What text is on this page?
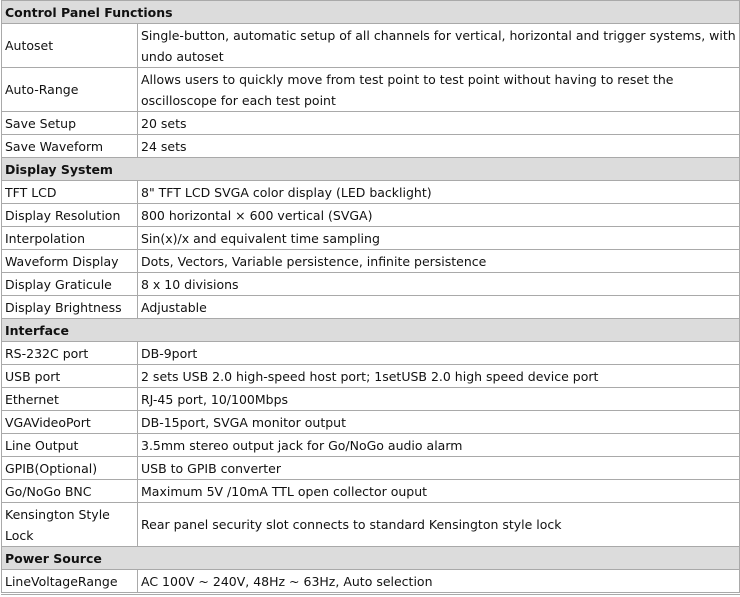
Control Panel Functions	
Autoset	Single-button, automatic setup of all channels for vertical, horizontal and trigger systems, with undo autoset
Auto-Range	Allows users to quickly move from test point to test point without having to reset the oscilloscope for each test point
Save Setup	20 sets
Save Waveform	24 sets
Display System	
TFT LCD	8" TFT LCD SVGA color display (LED backlight)
Display Resolution	800 horizontal × 600 vertical (SVGA)
Interpolation	Sin(x)/x and equivalent time sampling
Waveform Display	Dots, Vectors, Variable persistence, infinite persistence
Display Graticule	8 x 10 divisions
Display Brightness	Adjustable
Interface	
RS-232C port	DB-9port
USB port	2 sets USB 2.0 high-speed host port; 1setUSB 2.0 high speed device port
Ethernet	RJ-45 port, 10/100Mbps
VGAVideoPort	DB-15port, SVGA monitor output
Line Output	3.5mm stereo output jack for Go/NoGo audio alarm
GPIB(Optional)	USB to GPIB converter
Go/NoGo BNC	Maximum 5V /10mA TTL open collector ouput
Kensington Style Lock	Rear panel security slot connects to standard Kensington style lock
Power Source	
LineVoltageRange	AC 100V ~ 240V, 48Hz ~ 63Hz, Auto selection
